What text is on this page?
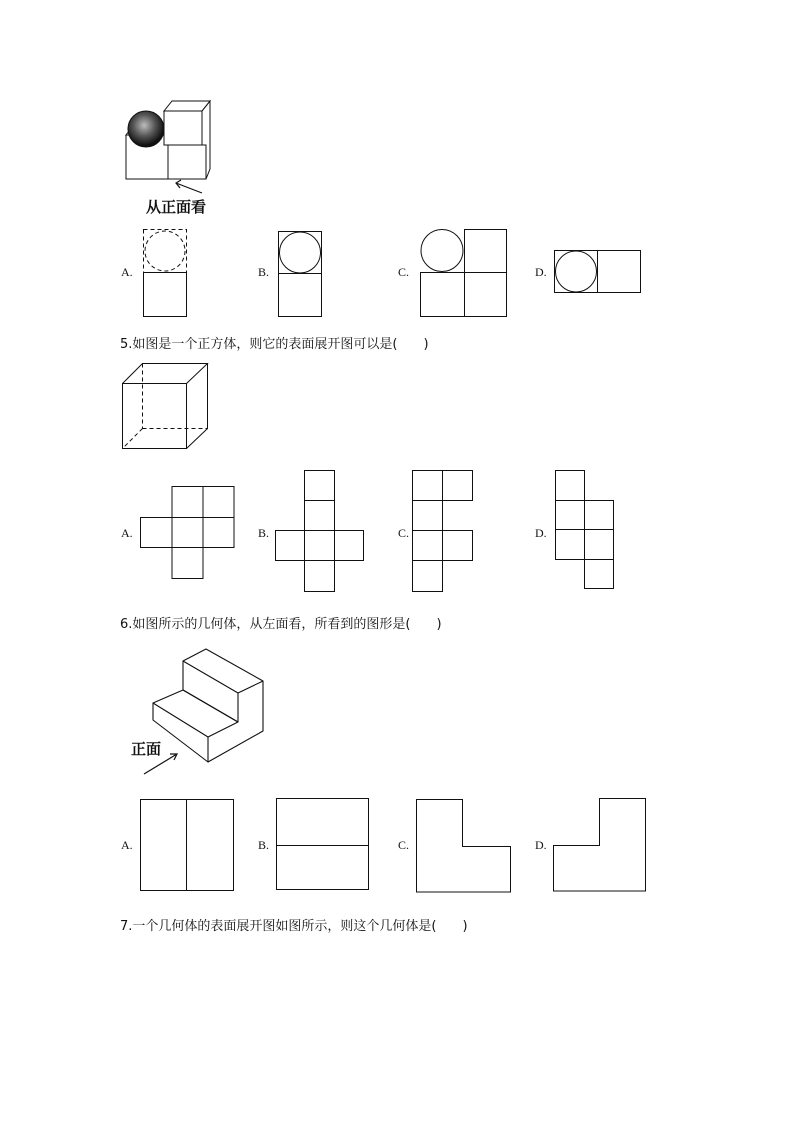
从正面看
A.	B.	C.	D.
5.如图是一个正方体，则它的表面展开图可以是(　　)
A.	B.	C.	D.
6.如图所示的几何体，从左面看，所看到的图形是(　　)
正面
A.	B.	C.	D.
7.一个几何体的表面展开图如图所示，则这个几何体是(　　)
